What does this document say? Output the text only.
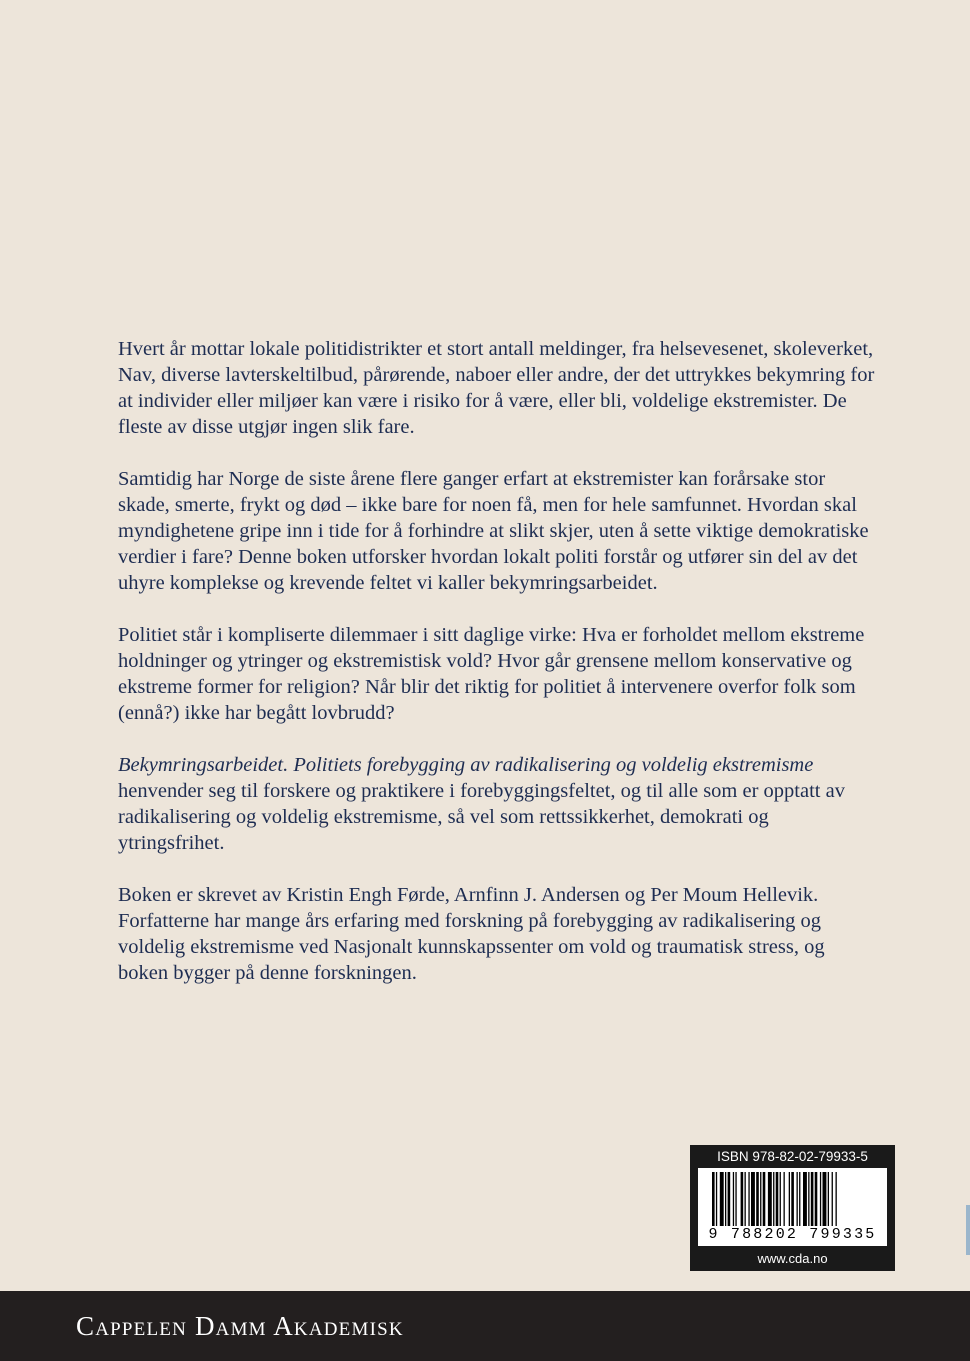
Hvert år mottar lokale politidistrikter et stort antall meldinger, fra helsevesenet, skoleverket, Nav, diverse lavterskeltilbud, pårørende, naboer eller andre, der det uttrykkes bekymring for at individer eller miljøer kan være i risiko for å være, eller bli, voldelige ekstremister. De fleste av disse utgjør ingen slik fare.

Samtidig har Norge de siste årene flere ganger erfart at ekstremister kan forårsake stor skade, smerte, frykt og død – ikke bare for noen få, men for hele samfunnet. Hvordan skal myndighetene gripe inn i tide for å forhindre at slikt skjer, uten å sette viktige demokratiske verdier i fare? Denne boken utforsker hvordan lokalt politi forstår og utfører sin del av det uhyre komplekse og krevende feltet vi kaller bekymringsarbeidet.

Politiet står i kompliserte dilemmaer i sitt daglige virke: Hva er forholdet mellom ekstreme holdninger og ytringer og ekstremistisk vold? Hvor går grensene mellom konservative og ekstreme former for religion? Når blir det riktig for politiet å intervenere overfor folk som (ennå?) ikke har begått lovbrudd?

Bekymringsarbeidet. Politiets forebygging av radikalisering og voldelig ekstremisme henvender seg til forskere og praktikere i forebyggingsfeltet, og til alle som er opptatt av radikalisering og voldelig ekstremisme, så vel som rettssikkerhet, demokrati og ytringsfrihet.

Boken er skrevet av Kristin Engh Førde, Arnfinn J. Andersen og Per Moum Hellevik. Forfatterne har mange års erfaring med forskning på forebygging av radikalisering og voldelig ekstremisme ved Nasjonalt kunnskapssenter om vold og traumatisk stress, og boken bygger på denne forskningen.

ISBN 978-82-02-79933-5
9 788202 799335
www.cda.no
Cappelen Damm Akademisk
